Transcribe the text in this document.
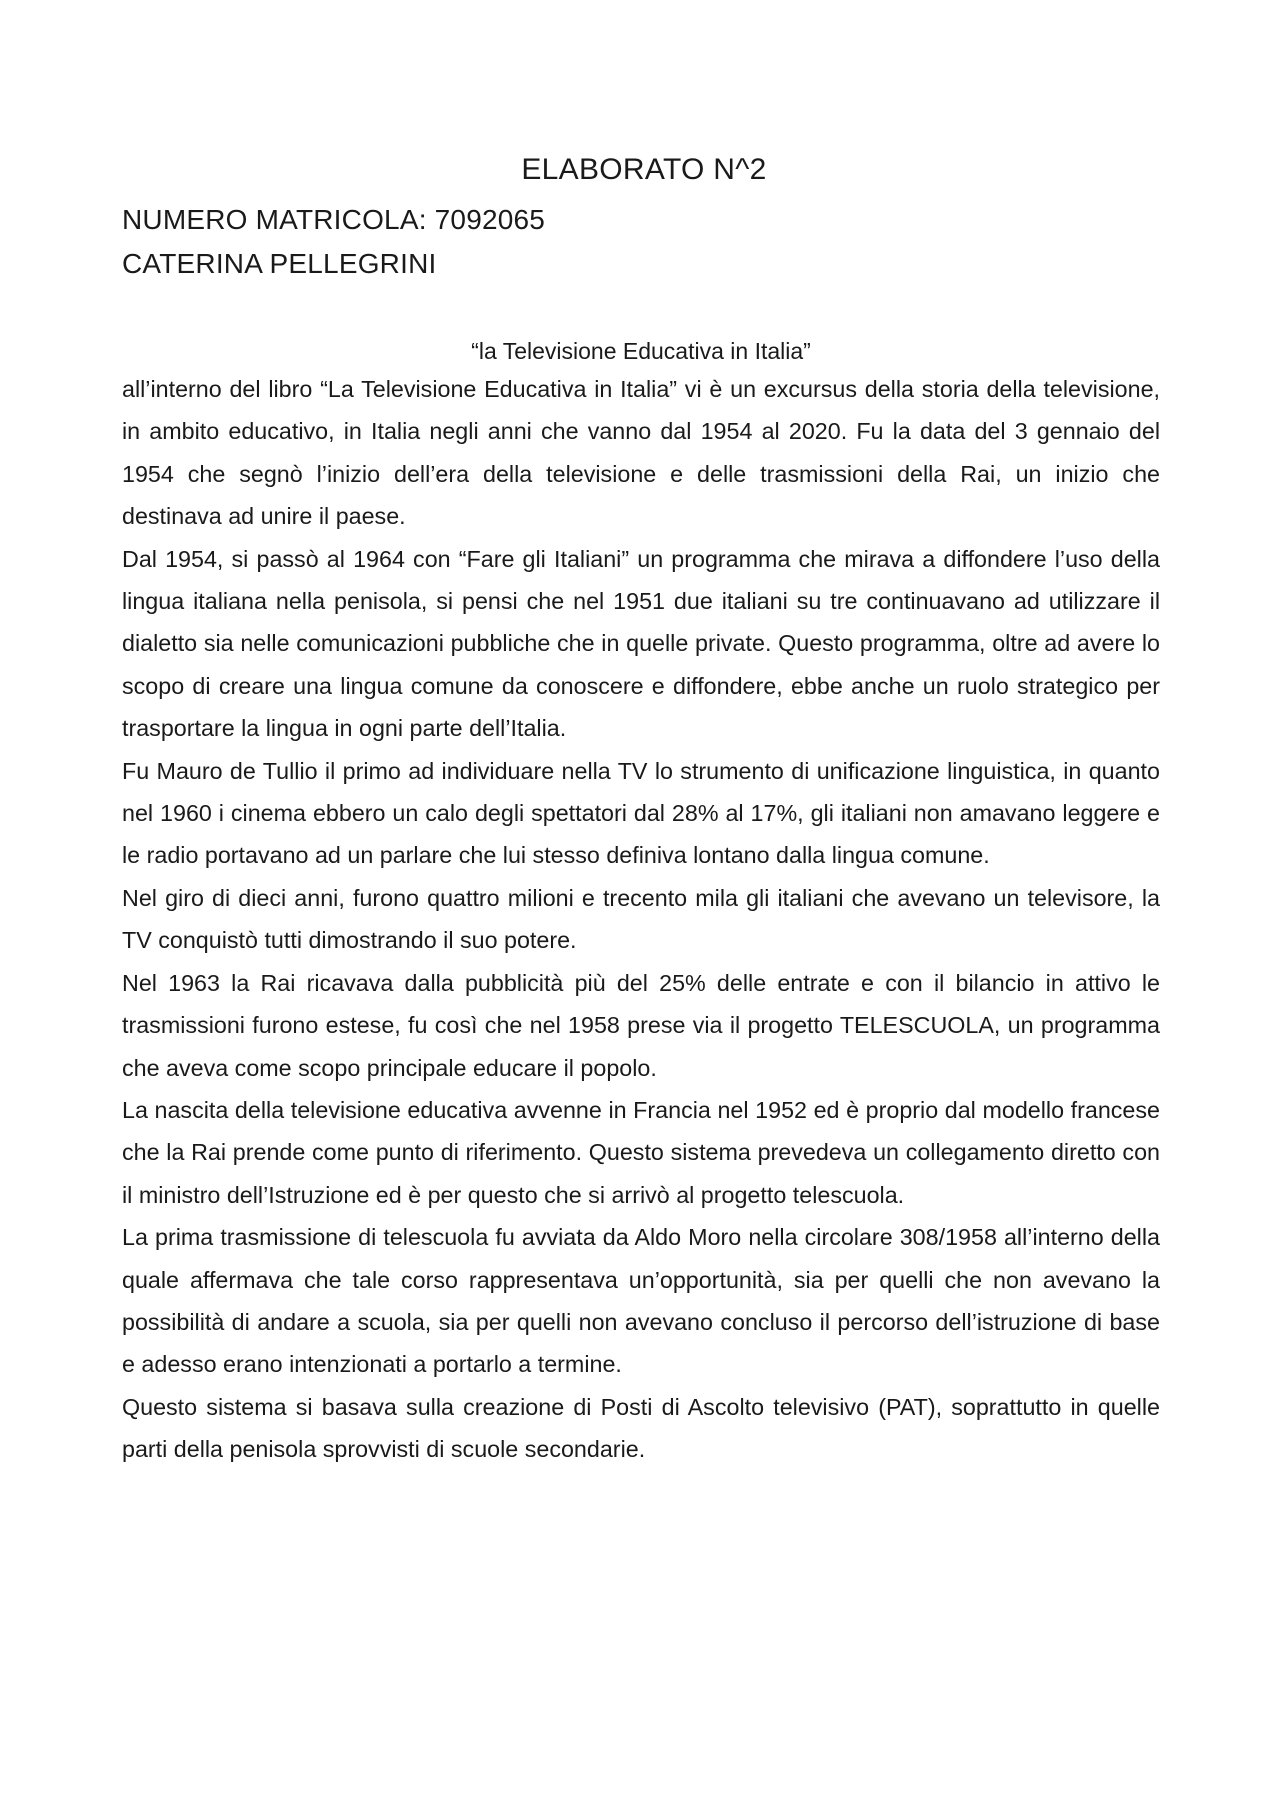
ELABORATO N^2

NUMERO MATRICOLA: 7092065

CATERINA PELLEGRINI

“la Televisione Educativa in Italia”

all’interno del libro “La Televisione Educativa in Italia” vi è un excursus della storia della televisione, in ambito educativo, in Italia negli anni che vanno dal 1954 al 2020. Fu la data del 3 gennaio del 1954 che segnò l’inizio dell’era della televisione e delle trasmissioni della Rai, un inizio che destinava ad unire il paese.

Dal 1954, si passò al 1964 con “Fare gli Italiani” un programma che mirava a diffondere l’uso della lingua italiana nella penisola, si pensi che nel 1951 due italiani su tre continuavano ad utilizzare il dialetto sia nelle comunicazioni pubbliche che in quelle private. Questo programma, oltre ad avere lo scopo di creare una lingua comune da conoscere e diffondere, ebbe anche un ruolo strategico per trasportare la lingua in ogni parte dell’Italia.

Fu Mauro de Tullio il primo ad individuare nella TV lo strumento di unificazione linguistica, in quanto nel 1960 i cinema ebbero un calo degli spettatori dal 28% al 17%, gli italiani non amavano leggere e le radio portavano ad un parlare che lui stesso definiva lontano dalla lingua comune.

Nel giro di dieci anni, furono quattro milioni e trecento mila gli italiani che avevano un televisore, la TV conquistò tutti dimostrando il suo potere.

Nel 1963 la Rai ricavava dalla pubblicità più del 25% delle entrate e con il bilancio in attivo le trasmissioni furono estese, fu così che nel 1958 prese via il progetto TELESCUOLA, un programma che aveva come scopo principale educare il popolo.

La nascita della televisione educativa avvenne in Francia nel 1952 ed è proprio dal modello francese che la Rai prende come punto di riferimento. Questo sistema prevedeva un collegamento diretto con il ministro dell’Istruzione ed è per questo che si arrivò al progetto telescuola.

La prima trasmissione di telescuola fu avviata da Aldo Moro nella circolare 308/1958 all’interno della quale affermava che tale corso rappresentava un’opportunità, sia per quelli che non avevano la possibilità di andare a scuola, sia per quelli non avevano concluso il percorso dell’istruzione di base e adesso erano intenzionati a portarlo a termine.

Questo sistema si basava sulla creazione di Posti di Ascolto televisivo (PAT), soprattutto in quelle parti della penisola sprovvisti di scuole secondarie.
